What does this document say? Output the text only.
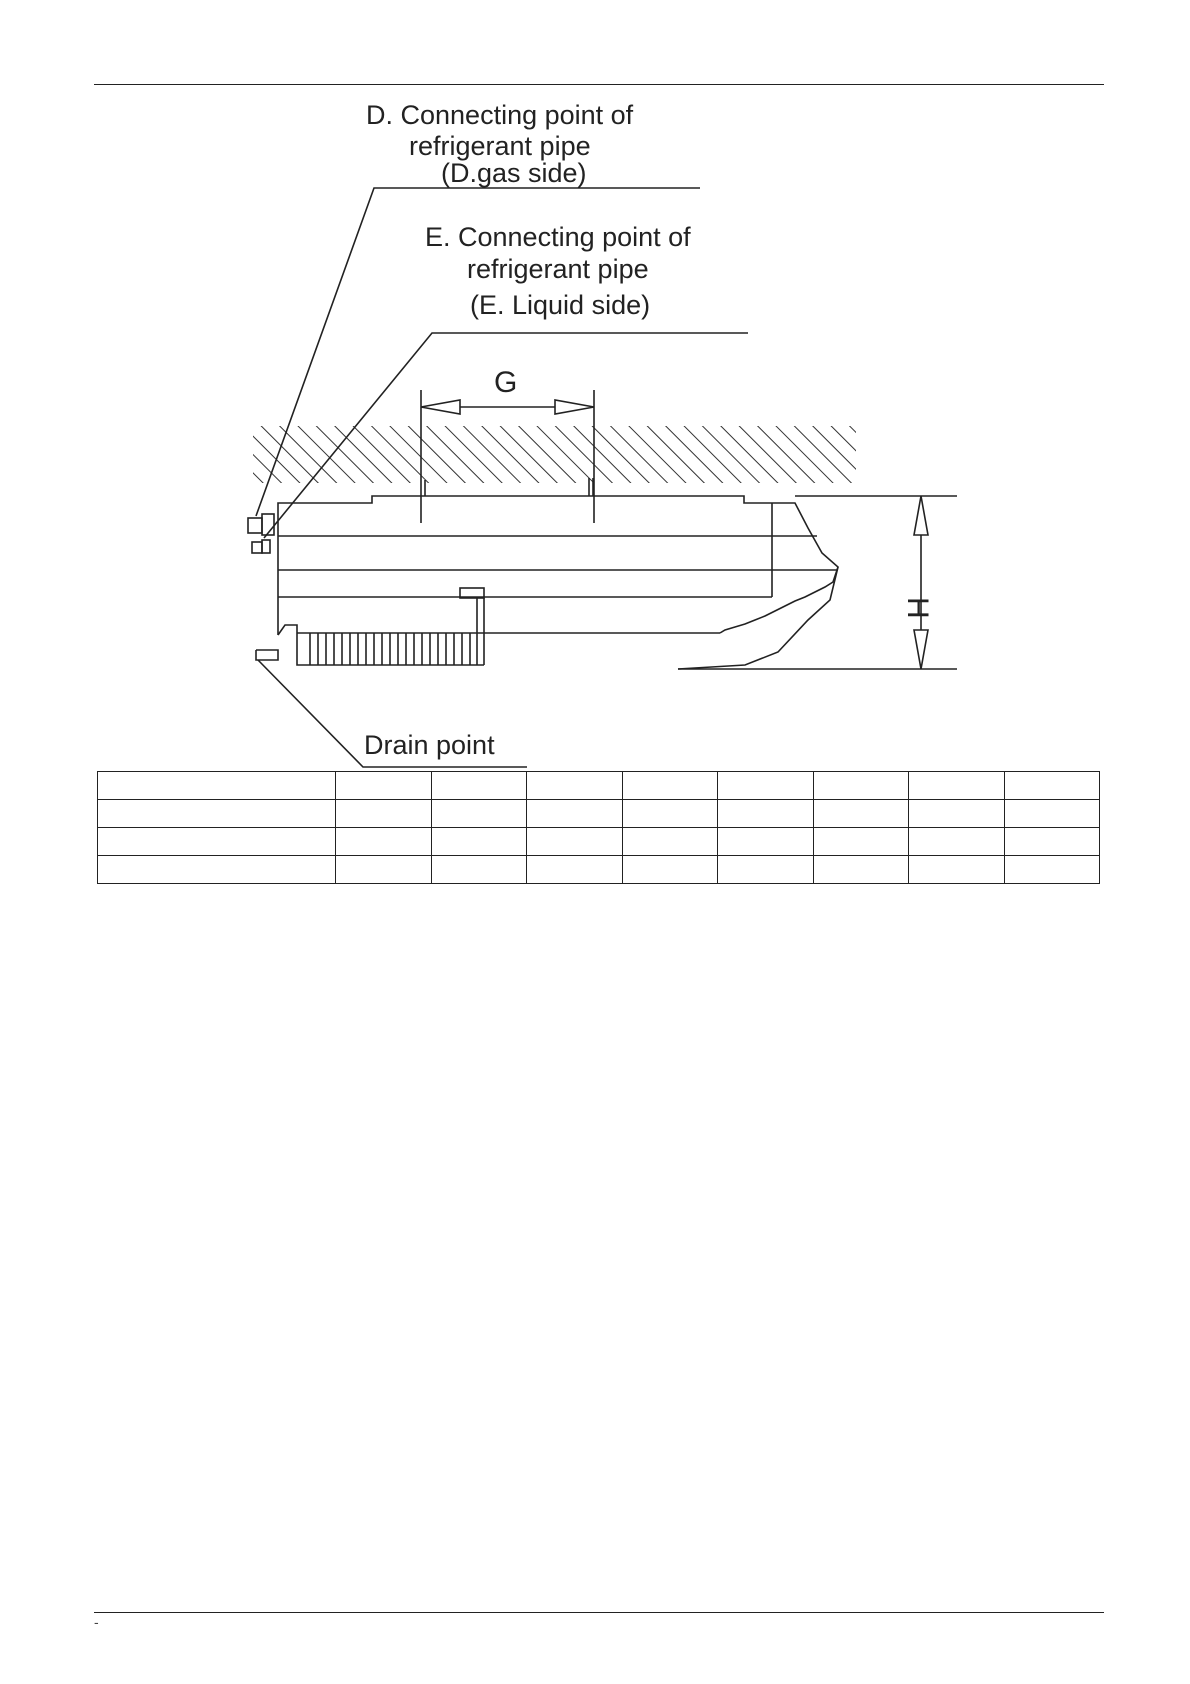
D. Connecting point of
refrigerant pipe
(D.gas side)
E. Connecting point of
refrigerant pipe
(E. Liquid side)
Drain point
G
H

-
